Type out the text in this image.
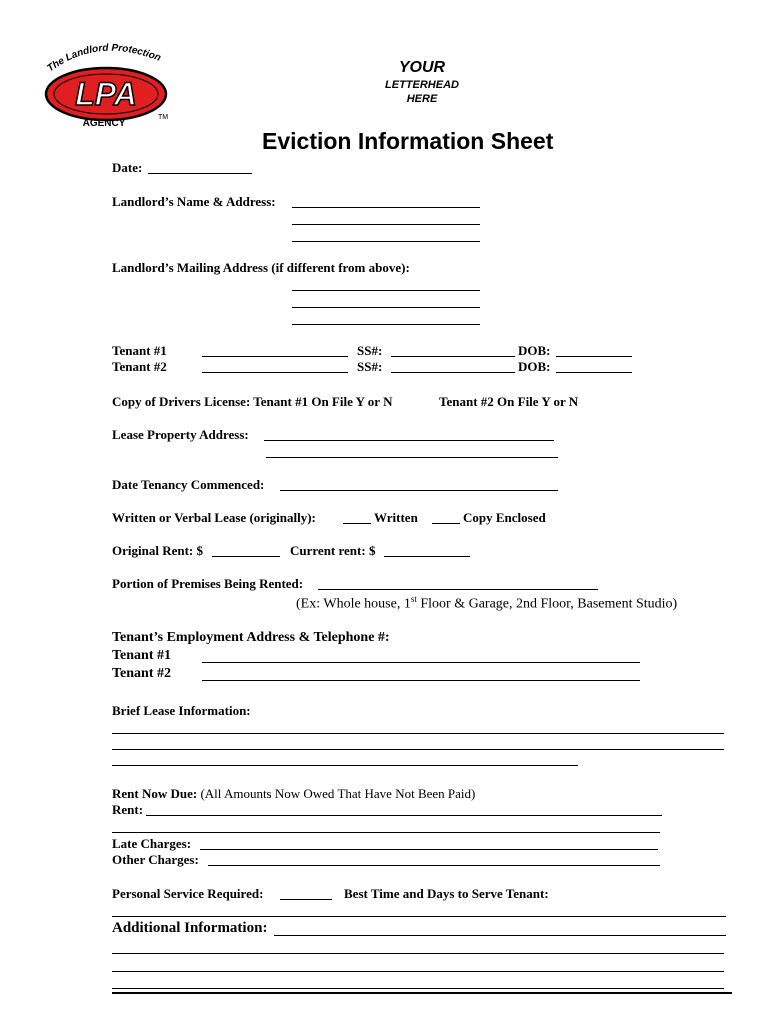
The Landlord Protection
LPA
AGENCY
TM
YOUR
LETTERHEAD
HERE
Eviction Information Sheet
Date:
Landlord’s Name & Address:
Landlord’s Mailing Address (if different from above):
Tenant #1	SS#:	DOB:
Tenant #2	SS#:	DOB:
Copy of Drivers License: Tenant #1 On File Y or N	Tenant #2 On File Y or N
Lease Property Address:
Date Tenancy Commenced:
Written or Verbal Lease (originally):	Written	Copy Enclosed
Original Rent: $	Current rent: $
Portion of Premises Being Rented:
(Ex: Whole house, 1st Floor & Garage, 2nd Floor, Basement Studio)
Tenant’s Employment Address & Telephone #:
Tenant #1
Tenant #2
Brief Lease Information:
Rent Now Due: (All Amounts Now Owed That Have Not Been Paid)
Rent:
Late Charges:
Other Charges:
Personal Service Required:	Best Time and Days to Serve Tenant:
Additional Information:
